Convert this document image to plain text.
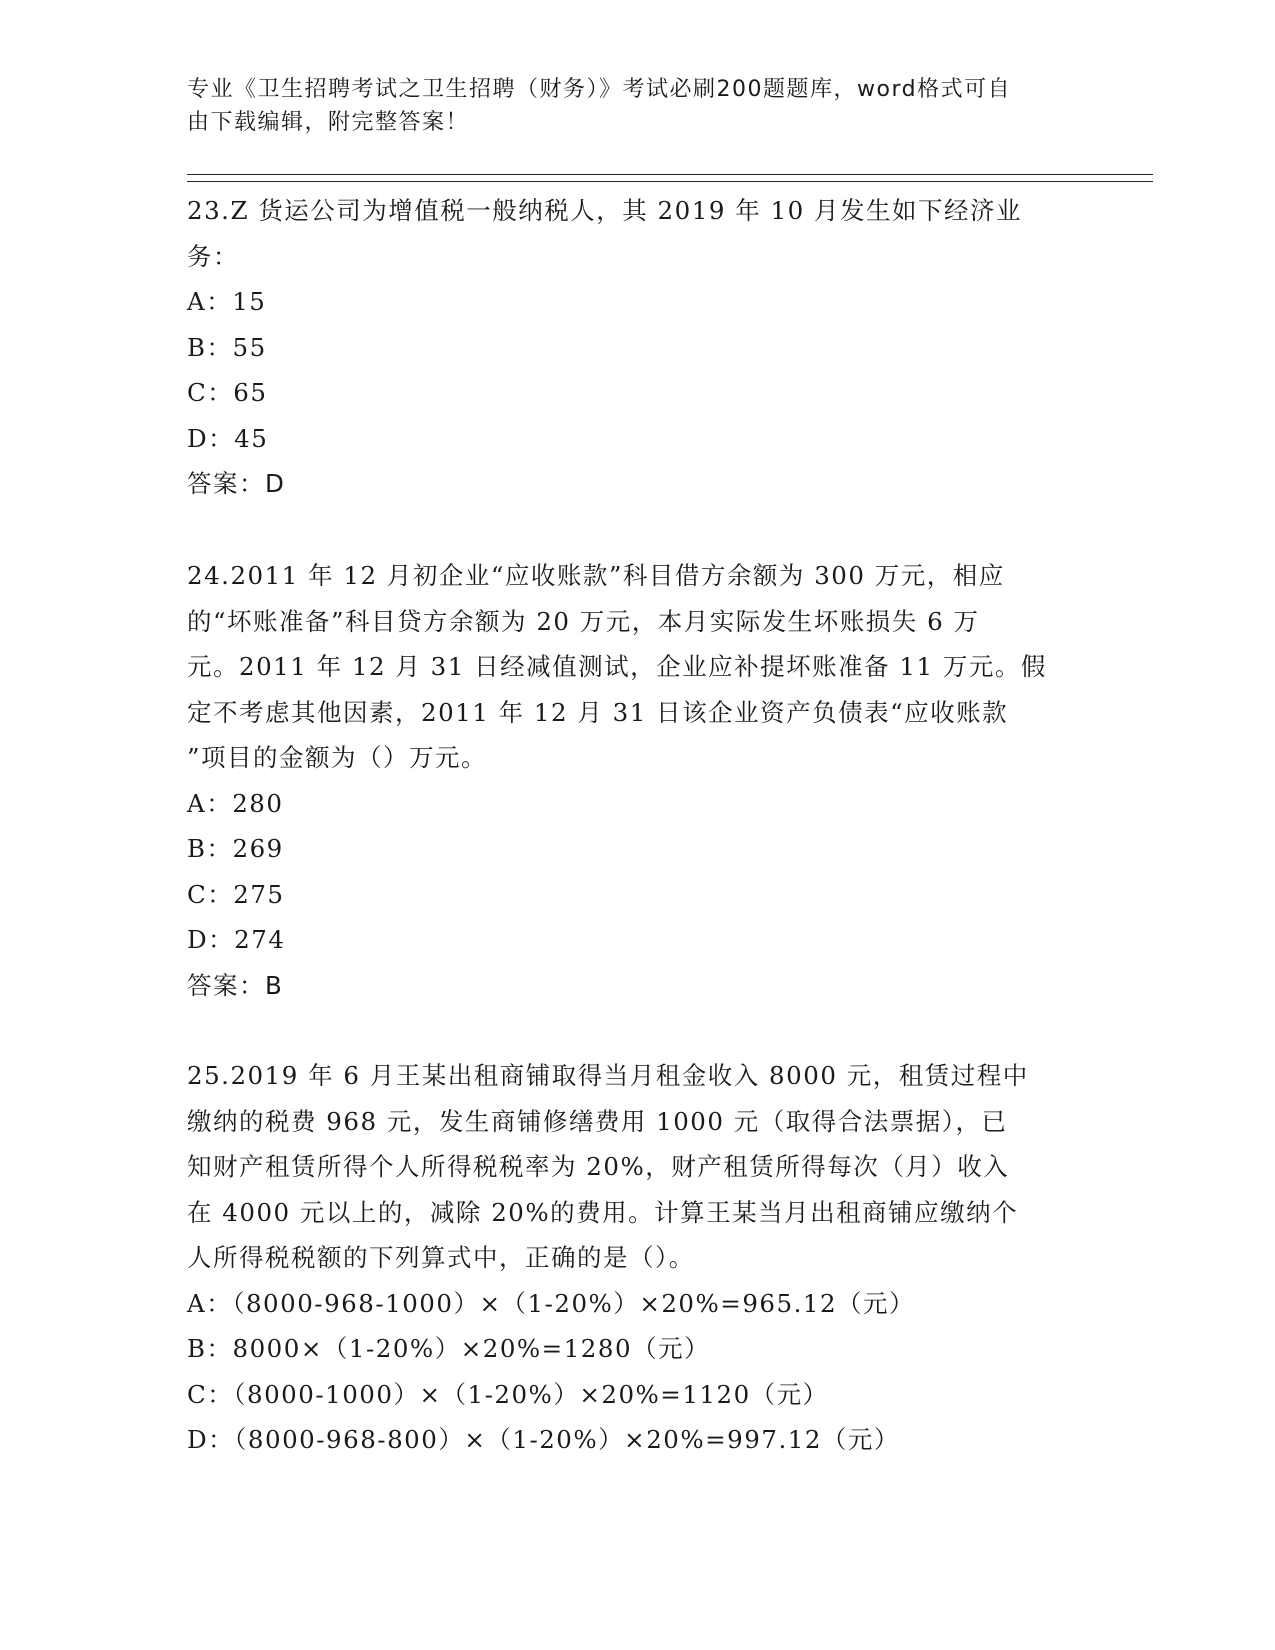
专业《卫生招聘考试之卫生招聘（财务）》考试必刷200题题库，word格式可自
由下载编辑，附完整答案！
23.Z 货运公司为增值税一般纳税人，其 2019 年 10 月发生如下经济业
务：
A：15
B：55
C：65
D：45
答案：D
24.2011 年 12 月初企业“应收账款”科目借方余额为 300 万元，相应
的“坏账准备”科目贷方余额为 20 万元，本月实际发生坏账损失 6 万
元。2011 年 12 月 31 日经减值测试，企业应补提坏账准备 11 万元。假
定不考虑其他因素，2011 年 12 月 31 日该企业资产负债表“应收账款
”项目的金额为（）万元。
A：280
B：269
C：275
D：274
答案：B
25.2019 年 6 月王某出租商铺取得当月租金收入 8000 元，租赁过程中
缴纳的税费 968 元，发生商铺修缮费用 1000 元（取得合法票据），已
知财产租赁所得个人所得税税率为 20%，财产租赁所得每次（月）收入
在 4000 元以上的，减除 20%的费用。计算王某当月出租商铺应缴纳个
人所得税税额的下列算式中，正确的是（）。
A：（8000-968-1000）×（1-20%）×20%=965.12（元）
B：8000×（1-20%）×20%=1280（元）
C：（8000-1000）×（1-20%）×20%=1120（元）
D：（8000-968-800）×（1-20%）×20%=997.12（元）
